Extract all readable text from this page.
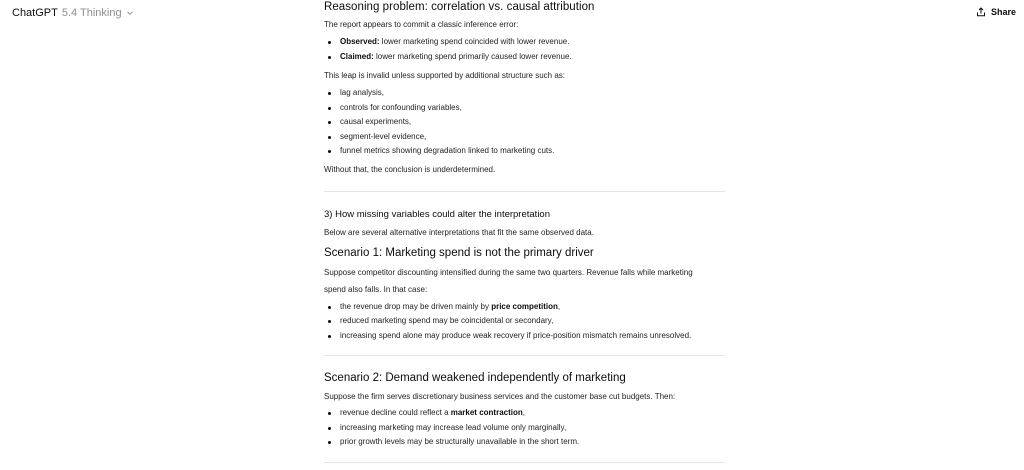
ChatGPT 5.4 Thinking	Share
Reasoning problem: correlation vs. causal attribution

The report appears to commit a classic inference error:

Observed: lower marketing spend coincided with lower revenue.
Claimed: lower marketing spend primarily caused lower revenue.

This leap is invalid unless supported by additional structure such as:

lag analysis,
controls for confounding variables,
causal experiments,
segment-level evidence,
funnel metrics showing degradation linked to marketing cuts.

Without that, the conclusion is underdetermined.

3) How missing variables could alter the interpretation

Below are several alternative interpretations that fit the same observed data.

Scenario 1: Marketing spend is not the primary driver

Suppose competitor discounting intensified during the same two quarters. Revenue falls while marketing
spend also falls. In that case:

the revenue drop may be driven mainly by price competition,
reduced marketing spend may be coincidental or secondary,
increasing spend alone may produce weak recovery if price-position mismatch remains unresolved.
Scenario 2: Demand weakened independently of marketing

Suppose the firm serves discretionary business services and the customer base cut budgets. Then:

revenue decline could reflect a market contraction,
increasing marketing may increase lead volume only marginally,
prior growth levels may be structurally unavailable in the short term.
